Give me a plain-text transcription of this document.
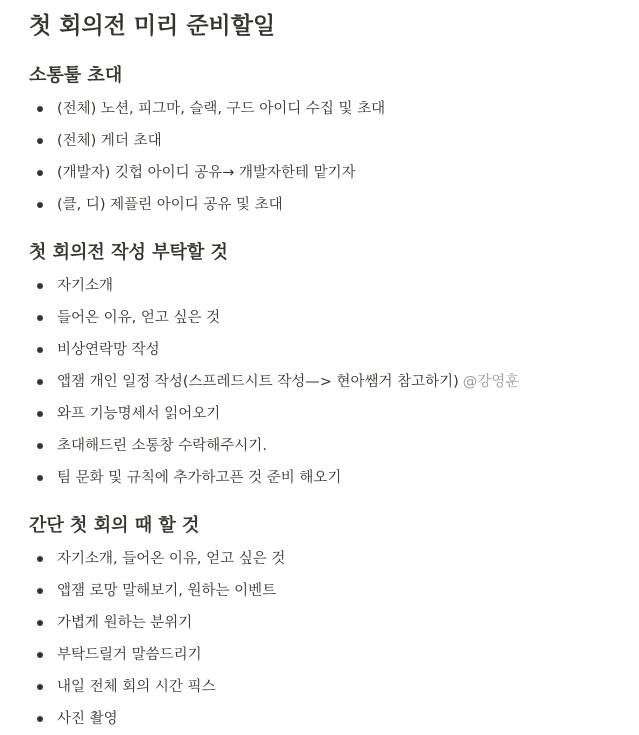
첫 회의전 미리 준비할일
소통툴 초대
(전체) 노션, 피그마, 슬랙, 구드 아이디 수집 및 초대
(전체) 게더 초대
(개발자) 깃헙 아이디 공유→ 개발자한테 맡기자
(클, 디) 제플린 아이디 공유 및 초대
첫 회의전 작성 부탁할 것
자기소개
들어온 이유, 얻고 싶은 것
비상연락망 작성
앱잼 개인 일정 작성(스프레드시트 작성—> 현아쌤거 참고하기) @강영훈
와프 기능명세서 읽어오기
초대해드린 소통창 수락해주시기.
팀 문화 및 규칙에 추가하고픈 것 준비 해오기
간단 첫 회의 때 할 것
자기소개, 들어온 이유, 얻고 싶은 것
앱잼 로망 말해보기, 원하는 이벤트
가볍게 원하는 분위기
부탁드릴거 말씀드리기
내일 전체 회의 시간 픽스
사진 촬영
